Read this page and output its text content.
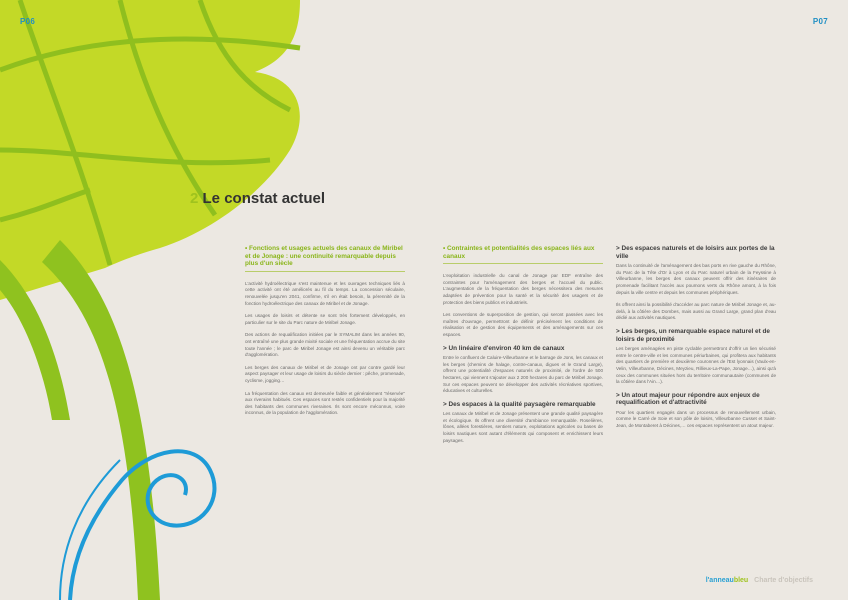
P06	P07
2 Le constat actuel
• Fonctions et usages actuels des canaux de Miribel et de Jonage : une continuité remarquable depuis plus d'un siècle

L'activité hydroélectrique s'est maintenue et les ouvrages techniques liés à cette activité ont été améliorés au fil du temps. La concession séculaire, renouvelée jusqu'en 2041, confirme, s'il en était besoin, la pérennité de la fonction hydroélectrique des canaux de Miribel et de Jonage.

Les usages de loisirs et détente se sont très fortement développés, en particulier sur le site du Parc nature de Miribel Jonage.

Des actions de requalification initiées par le SYMALIM dans les années 90, ont entraîné une plus grande mixité sociale et une fréquentation accrue du site toute l'année ; le parc de Miribel Jonage est ainsi devenu un véritable parc d'agglomération.

Les berges des canaux de Miribel et de Jonage ont par contre gardé leur aspect paysager et leur usage de loisirs du siècle dernier : pêche, promenade, cyclisme, jogging…

La fréquentation des canaux est demeurée faible et généralement "réservée" aux riverains habitués. Ces espaces sont restés confidentiels pour la majorité des habitants des communes riveraines. Ils sont encore méconnus, voire inconnus, de la population de l'agglomération.

• Contraintes et potentialités des espaces liés aux canaux

L'exploitation industrielle du canal de Jonage par EDF entraîne des contraintes pour l'aménagement des berges et l'accueil du public. L'augmentation de la fréquentation des berges nécessitera des mesures adaptées de prévention pour la santé et la sécurité des usagers et de protection des biens publics et industriels.

Les conventions de superposition de gestion, qui seront passées avec les maîtres d'ouvrage, permettront de définir précisément les conditions de réalisation et de gestion des équipements et des aménagements sur ces espaces.

> Un linéaire d'environ 40 km de canaux

Entre le confluent de Caluire-Villeurbanne et le barrage de Jons, les canaux et les berges (chemins de halage, contre-canaux, digues et le Grand Large), offrent une potentialité d'espaces naturels de proximité, de l'ordre de 500 hectares, qui viennent s'ajouter aux 2 200 hectares du parc de Miribel Jonage. Sur ces espaces peuvent se développer des activités récréatives sportives, éducatives et culturelles.

> Des espaces à la qualité paysagère remarquable

Les canaux de Miribel et de Jonage présentent une grande qualité paysagère et écologique. Ils offrent une diversité d'ambiance remarquable. Roselières, lônes, allées forestières, sentiers nature, exploitations agricoles ou bases de loisirs nautiques sont autant d'éléments qui composent et enrichissent leurs paysages.

> Des espaces naturels et de loisirs aux portes de la ville

Dans la continuité de l'aménagement des bas ports en rive gauche du Rhône, du Parc de la Tête d'Or à Lyon et du Parc naturel urbain de la Feyssine à Villeurbanne, les berges des canaux peuvent offrir des itinéraires de promenade facilitant l'accès aux poumons verts du Rhône amont, à la fois depuis la ville centre et depuis les communes périphériques.

Ils offrent ainsi la possibilité d'accéder au parc nature de Miribel Jonage et, au-delà, à la côtière des Dombes, mais aussi au Grand Large, grand plan d'eau dédié aux activités nautiques.

> Les berges, un remarquable espace naturel et de loisirs de proximité

Les berges aménagées en piste cyclable permettront d'offrir un lien sécurisé entre le centre-ville et les communes périurbaines, qui profitera aux habitants des quartiers de première et deuxième couronnes de l'Est lyonnais (Vaulx-en-Velin, Villeurbanne, Décines, Meyzieu, Rillieux-La-Pape, Jonage…), ainsi qu'à ceux des communes situées hors du territoire communautaire (communes de la côtière dans l'Ain…).

> Un atout majeur pour répondre aux enjeux de requalification et d'attractivité

Pour les quartiers engagés dans un processus de renouvellement urbain, comme le Carré de Soie et son pôle de loisirs, Villeurbanne Cusset et Saint-Jean, de Montaberet à Décines,… ces espaces représentent un atout majeur.

l'anneaubleu Charte d'objectifs
